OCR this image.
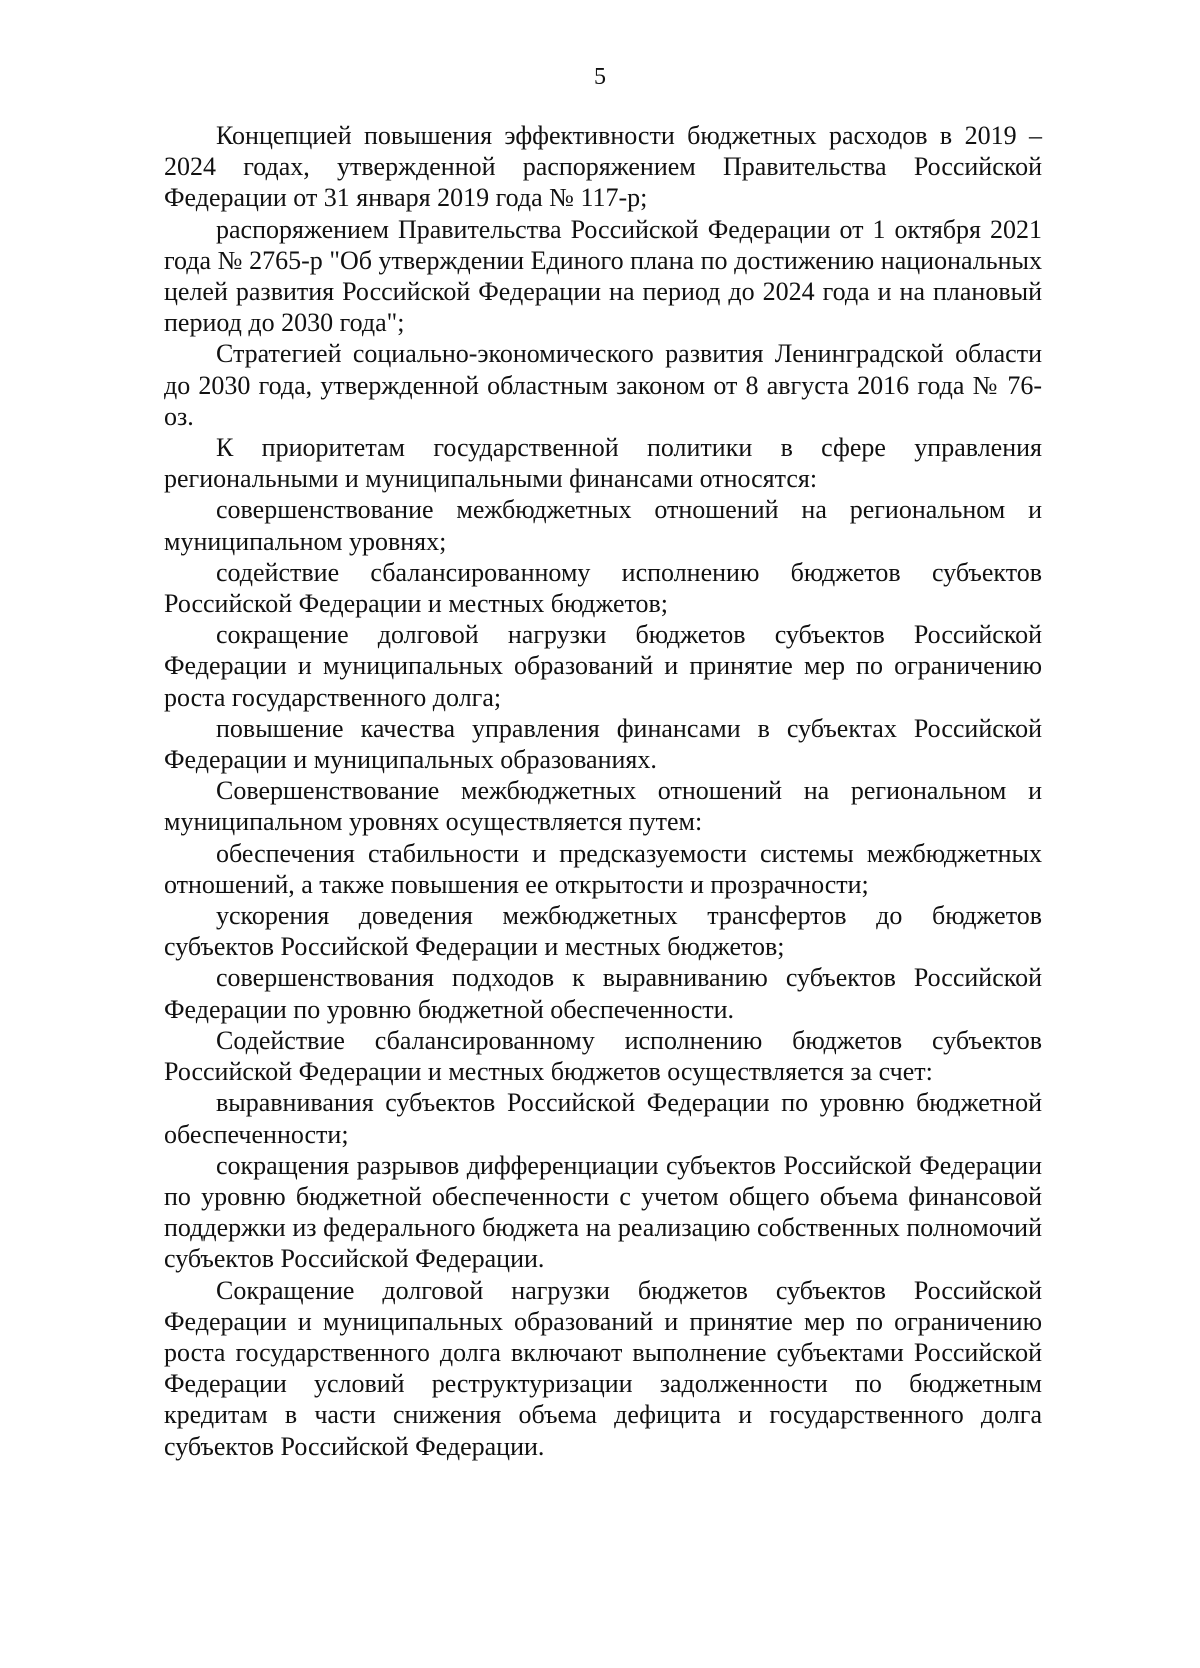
5

Концепцией повышения эффективности бюджетных расходов в 2019 – 2024 годах, утвержденной распоряжением Правительства Российской Федерации от 31 января 2019 года № 117-р;

распоряжением Правительства Российской Федерации от 1 октября 2021 года № 2765-р "Об утверждении Единого плана по достижению национальных целей развития Российской Федерации на период до 2024 года и на плановый период до 2030 года";

Стратегией социально-экономического развития Ленинградской области до 2030 года, утвержденной областным законом от 8 августа 2016 года № 76-оз.

К приоритетам государственной политики в сфере управления региональными и муниципальными финансами относятся:

совершенствование межбюджетных отношений на региональном и муниципальном уровнях;

содействие сбалансированному исполнению бюджетов субъектов Российской Федерации и местных бюджетов;

сокращение долговой нагрузки бюджетов субъектов Российской Федерации и муниципальных образований и принятие мер по ограничению роста государственного долга;

повышение качества управления финансами в субъектах Российской Федерации и муниципальных образованиях.

Совершенствование межбюджетных отношений на региональном и муниципальном уровнях осуществляется путем:

обеспечения стабильности и предсказуемости системы межбюджетных отношений, а также повышения ее открытости и прозрачности;

ускорения доведения межбюджетных трансфертов до бюджетов субъектов Российской Федерации и местных бюджетов;

совершенствования подходов к выравниванию субъектов Российской Федерации по уровню бюджетной обеспеченности.

Содействие сбалансированному исполнению бюджетов субъектов Российской Федерации и местных бюджетов осуществляется за счет:

выравнивания субъектов Российской Федерации по уровню бюджетной обеспеченности;

сокращения разрывов дифференциации субъектов Российской Федерации по уровню бюджетной обеспеченности с учетом общего объема финансовой поддержки из федерального бюджета на реализацию собственных полномочий субъектов Российской Федерации.

Сокращение долговой нагрузки бюджетов субъектов Российской Федерации и муниципальных образований и принятие мер по ограничению роста государственного долга включают выполнение субъектами Российской Федерации условий реструктуризации задолженности по бюджетным кредитам в части снижения объема дефицита и государственного долга субъектов Российской Федерации.
